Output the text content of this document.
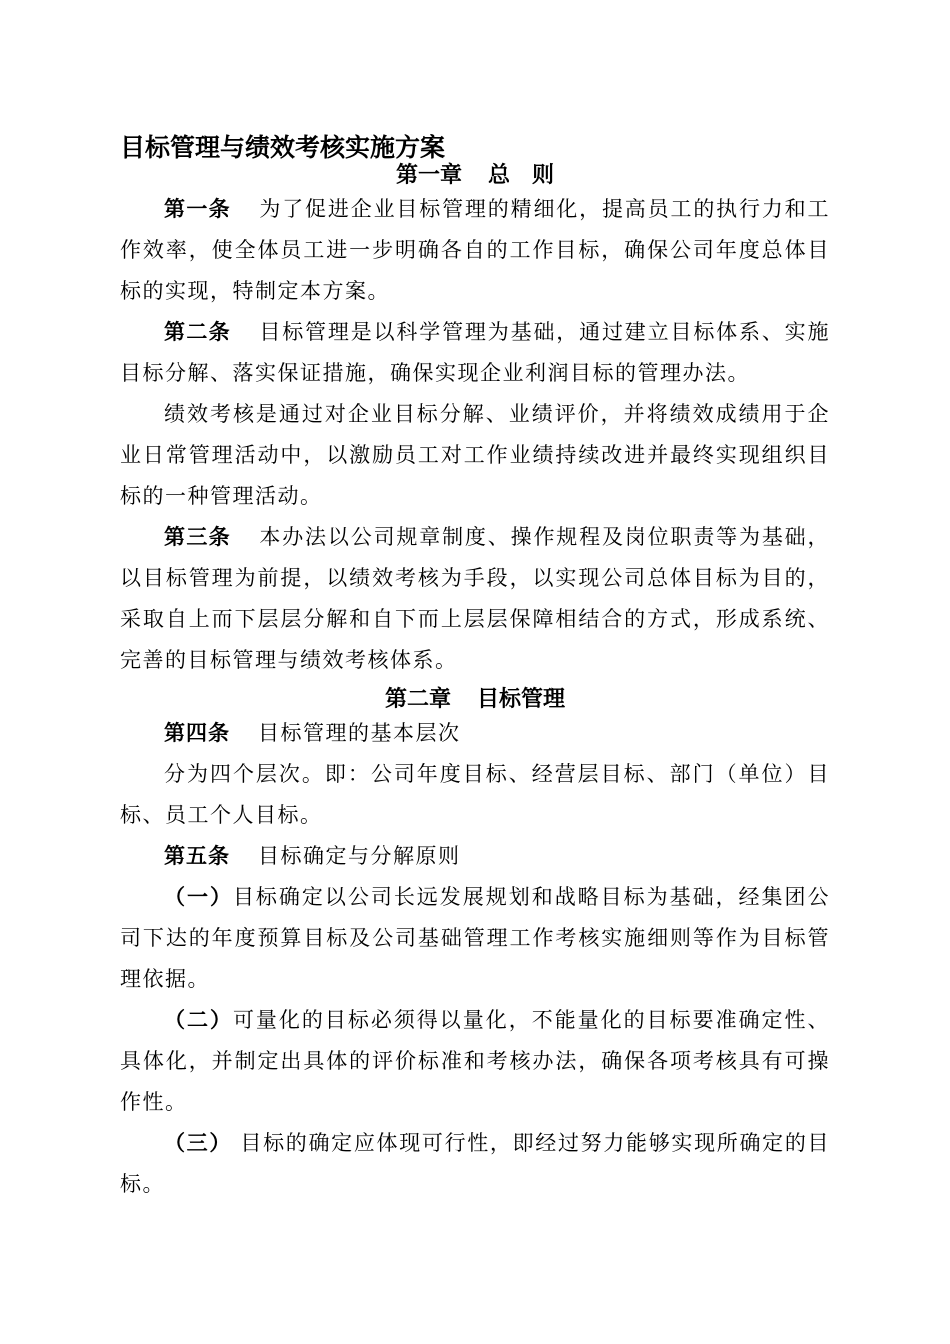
目标管理与绩效考核实施方案
第一章 总　则
第一条 为了促进企业目标管理的精细化，提高员工的执行力和工作效率，使全体员工进一步明确各自的工作目标，确保公司年度总体目标的实现，特制定本方案。
第二条 目标管理是以科学管理为基础，通过建立目标体系、实施目标分解、落实保证措施，确保实现企业利润目标的管理办法。
绩效考核是通过对企业目标分解、业绩评价，并将绩效成绩用于企业日常管理活动中，以激励员工对工作业绩持续改进并最终实现组织目标的一种管理活动。
第三条 本办法以公司规章制度、操作规程及岗位职责等为基础，以目标管理为前提，以绩效考核为手段，以实现公司总体目标为目的，采取自上而下层层分解和自下而上层层保障相结合的方式，形成系统、完善的目标管理与绩效考核体系。
第二章 目标管理
第四条 目标管理的基本层次
分为四个层次。即：公司年度目标、经营层目标、部门（单位）目标、员工个人目标。
第五条 目标确定与分解原则
（一）目标确定以公司长远发展规划和战略目标为基础，经集团公司下达的年度预算目标及公司基础管理工作考核实施细则等作为目标管理依据。
（二）可量化的目标必须得以量化，不能量化的目标要准确定性、具体化，并制定出具体的评价标准和考核办法，确保各项考核具有可操作性。
（三） 目标的确定应体现可行性，即经过努力能够实现所确定的目标。
